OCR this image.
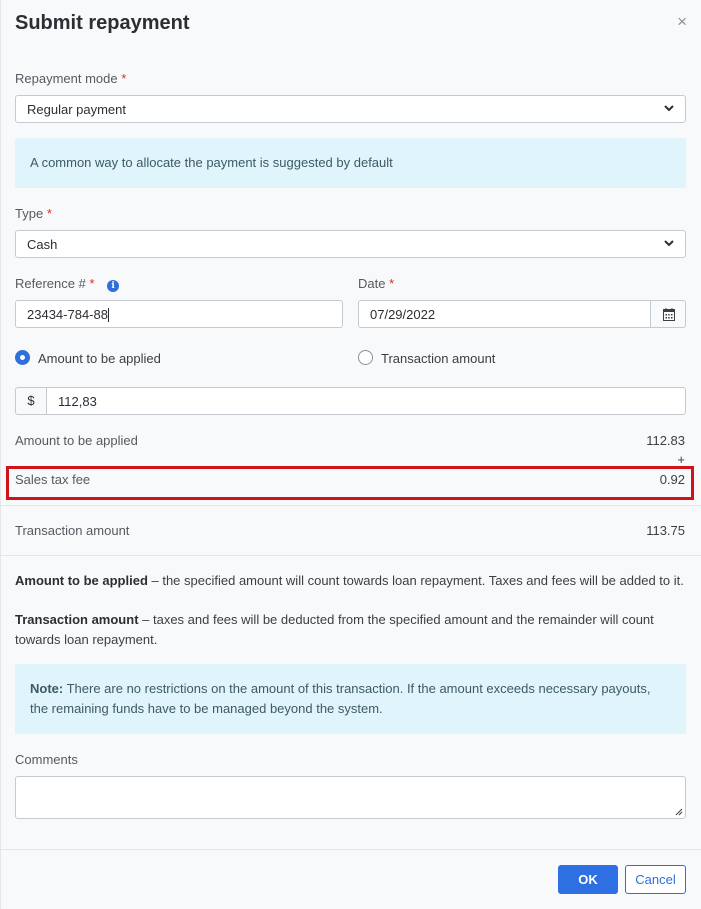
Submit repayment	×
Repayment mode *
Regular payment
A common way to allocate the payment is suggested by default
Type *
Cash
Reference # * i
23434-784-88
Date *
07/29/2022
Amount to be applied	Transaction amount
$	112,83
Amount to be applied	112.83
+
Sales tax fee	0.92
Transaction amount	113.75
Amount to be applied – the specified amount will count towards loan repayment. Taxes and fees will be added to it.
Transaction amount – taxes and fees will be deducted from the specified amount and the remainder will count towards loan repayment.
Note: There are no restrictions on the amount of this transaction. If the amount exceeds necessary payouts, the remaining funds have to be managed beyond the system.
Comments
OK	Cancel
